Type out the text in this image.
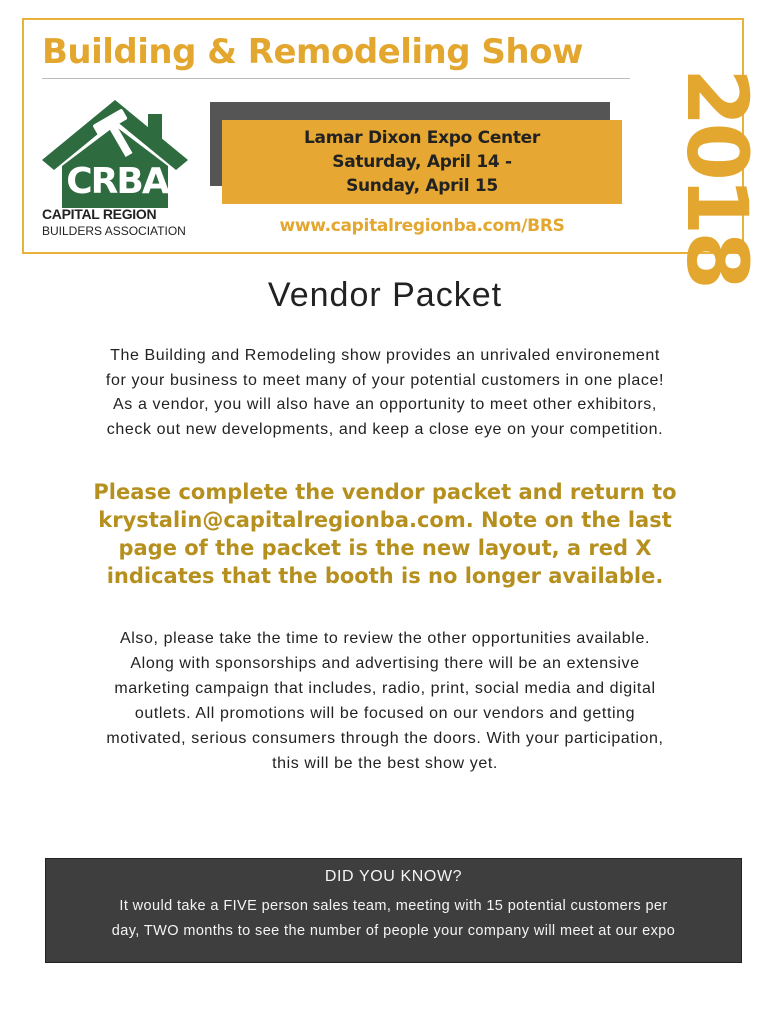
Building & Remodeling Show
2018
CRBA
CAPITAL REGION
BUILDERS ASSOCIATION
Lamar Dixon Expo Center
Saturday, April 14 -
Sunday, April 15
www.capitalregionba.com/BRS
Vendor Packet
The Building and Remodeling show provides an unrivaled environement
for your business to meet many of your potential customers in one place!
As a vendor, you will also have an opportunity to meet other exhibitors,
check out new developments, and keep a close eye on your competition.
Please complete the vendor packet and return to
krystalin@capitalregionba.com. Note on the last
page of the packet is the new layout, a red X
indicates that the booth is no longer available.
Also, please take the time to review the other opportunities available.
Along with sponsorships and advertising there will be an extensive
marketing campaign that includes, radio, print, social media and digital
outlets. All promotions will be focused on our vendors and getting
motivated, serious consumers through the doors. With your participation,
this will be the best show yet.
DID YOU KNOW?
It would take a FIVE person sales team, meeting with 15 potential customers per
day, TWO months to see the number of people your company will meet at our expo
